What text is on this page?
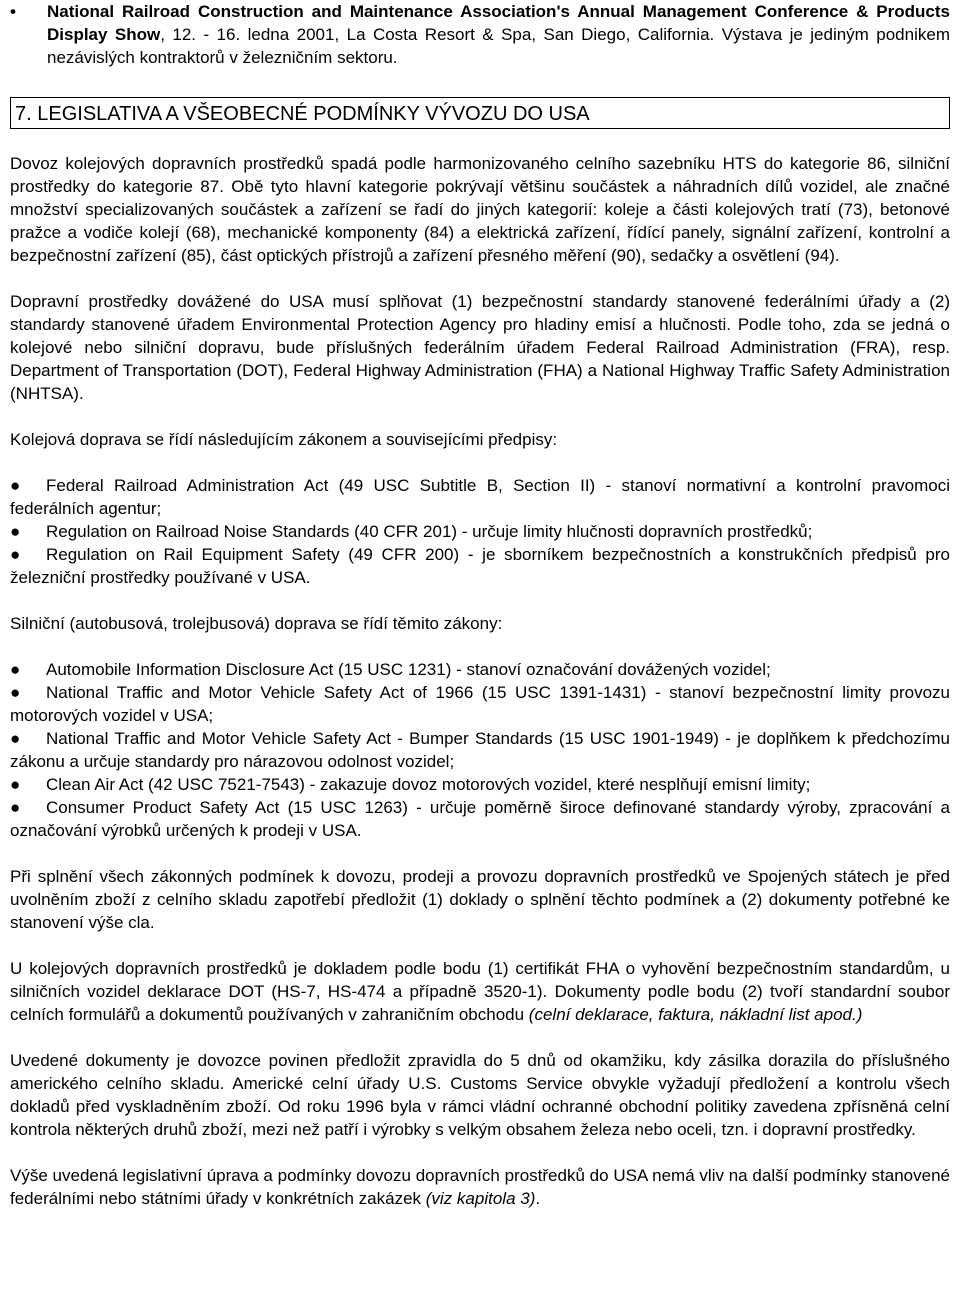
• National Railroad Construction and Maintenance Association's Annual Management Conference & Products Display Show, 12. - 16. ledna 2001, La Costa Resort & Spa, San Diego, California. Výstava je jediným podnikem nezávislých kontraktorů v železničním sektoru.
7. LEGISLATIVA A VŠEOBECNÉ PODMÍNKY VÝVOZU DO USA

Dovoz kolejových dopravních prostředků spadá podle harmonizovaného celního sazebníku HTS do kategorie 86, silniční prostředky do kategorie 87. Obě tyto hlavní kategorie pokrývají většinu součástek a náhradních dílů vozidel, ale značné množství specializovaných součástek a zařízení se řadí do jiných kategorií: koleje a části kolejových tratí (73), betonové pražce a vodiče kolejí (68), mechanické komponenty (84) a elektrická zařízení, řídící panely, signální zařízení, kontrolní a bezpečnostní zařízení (85), část optických přístrojů a zařízení přesného měření (90), sedačky a osvětlení (94).

Dopravní prostředky dovážené do USA musí splňovat (1) bezpečnostní standardy stanovené federálními úřady a (2) standardy stanovené úřadem Environmental Protection Agency pro hladiny emisí a hlučnosti. Podle toho, zda se jedná o kolejové nebo silniční dopravu, bude příslušných federálním úřadem Federal Railroad Administration (FRA), resp. Department of Transportation (DOT), Federal Highway Administration (FHA) a National Highway Traffic Safety Administration (NHTSA).

Kolejová doprava se řídí následujícím zákonem a souvisejícími předpisy:

● Federal Railroad Administration Act (49 USC Subtitle B, Section II) - stanoví normativní a kontrolní pravomoci federálních agentur;
● Regulation on Railroad Noise Standards (40 CFR 201) - určuje limity hlučnosti dopravních prostředků;
● Regulation on Rail Equipment Safety (49 CFR 200) - je sborníkem bezpečnostních a konstrukčních předpisů pro železniční prostředky používané v USA.

Silniční (autobusová, trolejbusová) doprava se řídí těmito zákony:

● Automobile Information Disclosure Act (15 USC 1231) - stanoví označování dovážených vozidel;
● National Traffic and Motor Vehicle Safety Act of 1966 (15 USC 1391-1431) - stanoví bezpečnostní limity provozu motorových vozidel v USA;
● National Traffic and Motor Vehicle Safety Act - Bumper Standards (15 USC 1901-1949) - je doplňkem k předchozímu zákonu a určuje standardy pro nárazovou odolnost vozidel;
● Clean Air Act (42 USC 7521-7543) - zakazuje dovoz motorových vozidel, které nesplňují emisní limity;
● Consumer Product Safety Act (15 USC 1263) - určuje poměrně široce definované standardy výroby, zpracování a označování výrobků určených k prodeji v USA.

Při splnění všech zákonných podmínek k dovozu, prodeji a provozu dopravních prostředků ve Spojených státech je před uvolněním zboží z celního skladu zapotřebí předložit (1) doklady o splnění těchto podmínek a (2) dokumenty potřebné ke stanovení výše cla.

U kolejových dopravních prostředků je dokladem podle bodu (1) certifikát FHA o vyhovění bezpečnostním standardům, u silničních vozidel deklarace DOT (HS-7, HS-474 a případně 3520-1). Dokumenty podle bodu (2) tvoří standardní soubor celních formulářů a dokumentů používaných v zahraničním obchodu (celní deklarace, faktura, nákladní list apod.)

Uvedené dokumenty je dovozce povinen předložit zpravidla do 5 dnů od okamžiku, kdy zásilka dorazila do příslušného amerického celního skladu. Americké celní úřady U.S. Customs Service obvykle vyžadují předložení a kontrolu všech dokladů před vyskladněním zboží. Od roku 1996 byla v rámci vládní ochranné obchodní politiky zavedena zpřísněná celní kontrola některých druhů zboží, mezi než patří i výrobky s velkým obsahem železa nebo oceli, tzn. i dopravní prostředky.

Výše uvedená legislativní úprava a podmínky dovozu dopravních prostředků do USA nemá vliv na další podmínky stanovené federálními nebo státními úřady v konkrétních zakázek (viz kapitola 3).
